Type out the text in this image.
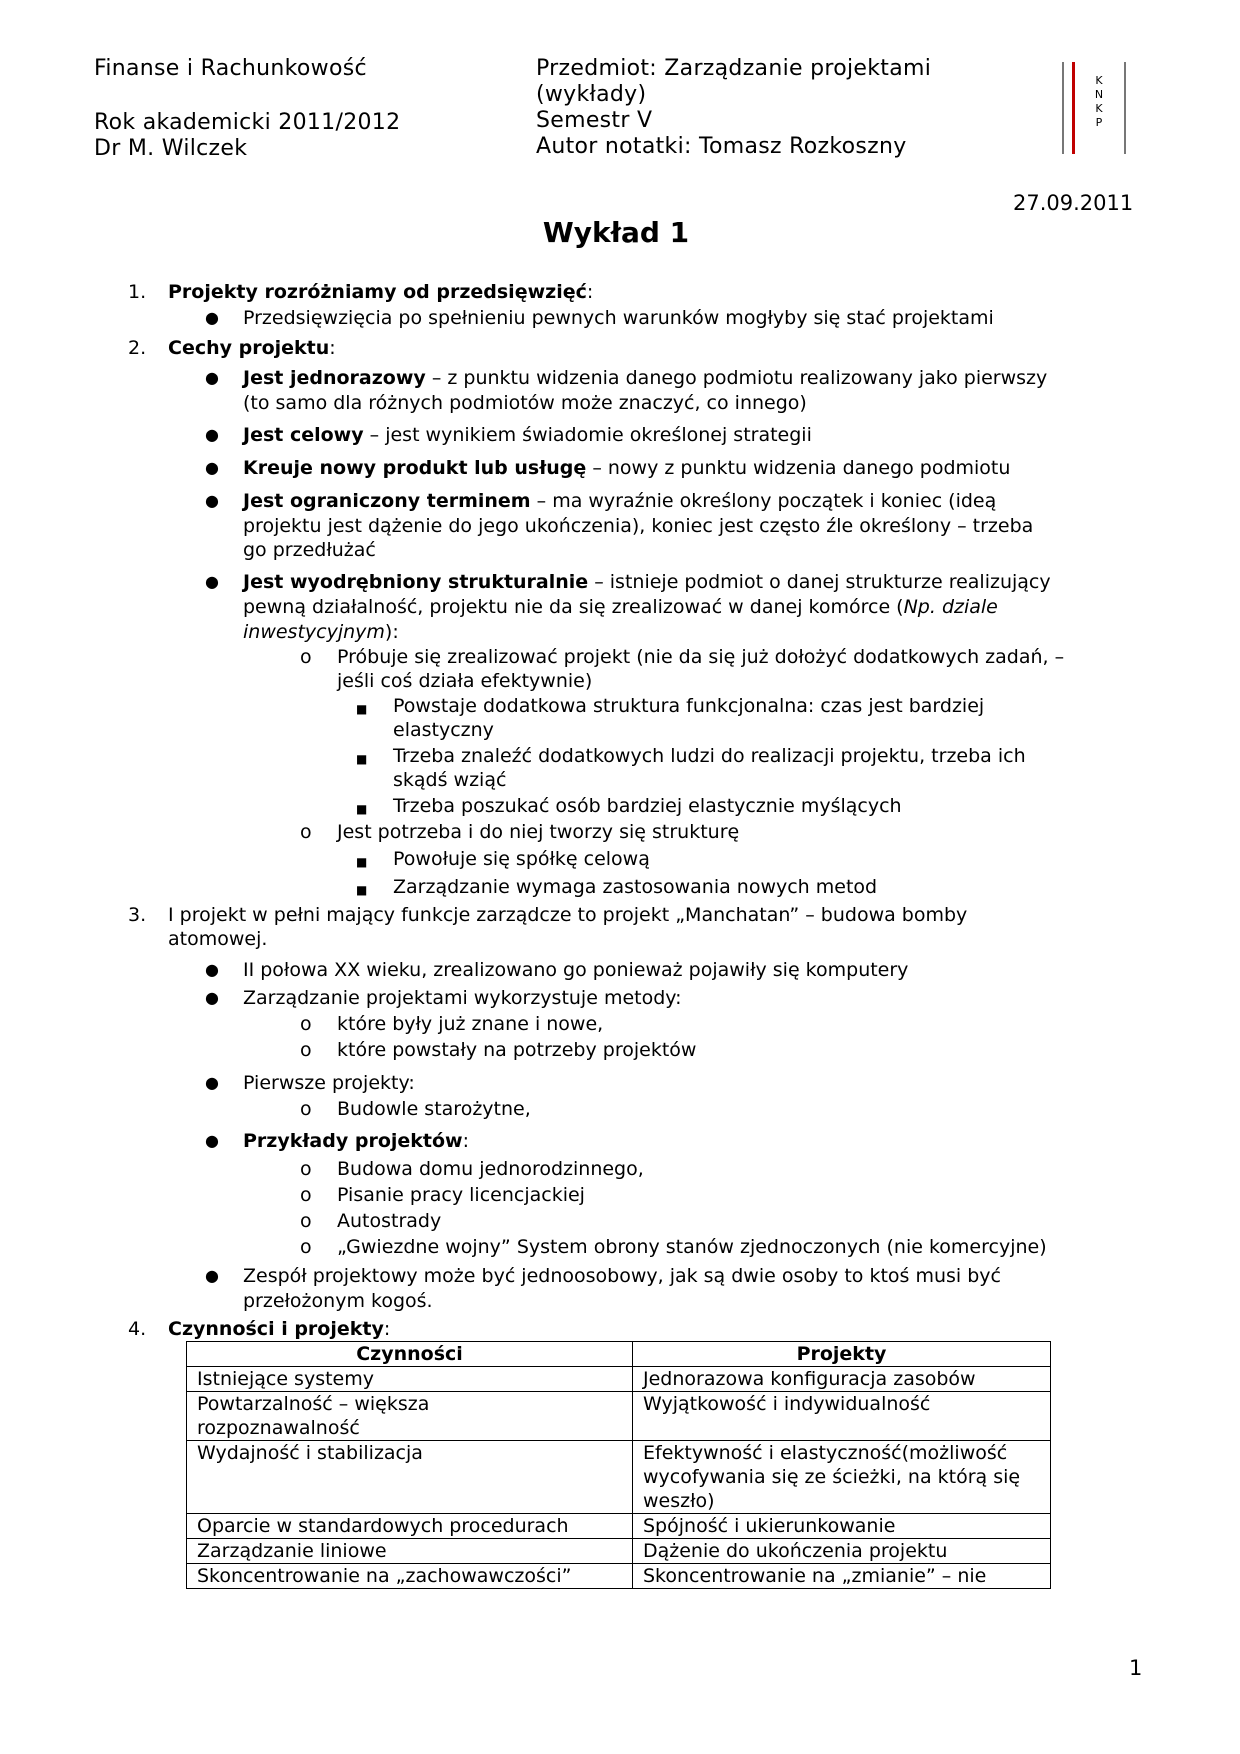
Finanse i Rachunkowość
Rok akademicki 2011/2012
Dr M. Wilczek
Przedmiot: Zarządzanie projektami
(wykłady)
Semestr V
Autor notatki: Tomasz Rozkoszny
K
N
K
P
27.09.2011
Wykład 1
1.	Projekty rozróżniamy od przedsięwzięć:
● Przedsięwzięcia po spełnieniu pewnych warunków mogłyby się stać projektami
2.	Cechy projektu:
● Jest jednorazowy – z punktu widzenia danego podmiotu realizowany jako pierwszy
(to samo dla różnych podmiotów może znaczyć, co innego)
● Jest celowy – jest wynikiem świadomie określonej strategii
● Kreuje nowy produkt lub usługę – nowy z punktu widzenia danego podmiotu
● Jest ograniczony terminem – ma wyraźnie określony początek i koniec (ideą
projektu jest dążenie do jego ukończenia), koniec jest często źle określony – trzeba
go przedłużać
● Jest wyodrębniony strukturalnie – istnieje podmiot o danej strukturze realizujący
pewną działalność, projektu nie da się zrealizować w danej komórce (Np. dziale
inwestycyjnym):
o Próbuje się zrealizować projekt (nie da się już dołożyć dodatkowych zadań, –
jeśli coś działa efektywnie)
■ Powstaje dodatkowa struktura funkcjonalna: czas jest bardziej
elastyczny
■ Trzeba znaleźć dodatkowych ludzi do realizacji projektu, trzeba ich
skądś wziąć
■ Trzeba poszukać osób bardziej elastycznie myślących
o Jest potrzeba i do niej tworzy się strukturę
■ Powołuje się spółkę celową
■ Zarządzanie wymaga zastosowania nowych metod
3.	I projekt w pełni mający funkcje zarządcze to projekt „Manchatan” – budowa bomby
atomowej.
● II połowa XX wieku, zrealizowano go ponieważ pojawiły się komputery
● Zarządzanie projektami wykorzystuje metody:
o które były już znane i nowe,
o które powstały na potrzeby projektów
● Pierwsze projekty:
o Budowle starożytne,
● Przykłady projektów:
o Budowa domu jednorodzinnego,
o Pisanie pracy licencjackiej
o Autostrady
o „Gwiezdne wojny” System obrony stanów zjednoczonych (nie komercyjne)
● Zespół projektowy może być jednoosobowy, jak są dwie osoby to ktoś musi być
przełożonym kogoś.
4.	Czynności i projekty:
Czynności	Projekty
Istniejące systemy	Jednorazowa konfiguracja zasobów
Powtarzalność – większa rozpoznawalność	Wyjątkowość i indywidualność
Wydajność i stabilizacja	Efektywność i elastyczność(możliwość wycofywania się ze ścieżki, na którą się weszło)
Oparcie w standardowych procedurach	Spójność i ukierunkowanie
Zarządzanie liniowe	Dążenie do ukończenia projektu
Skoncentrowanie na „zachowawczości”	Skoncentrowanie na „zmianie” – nie
1
